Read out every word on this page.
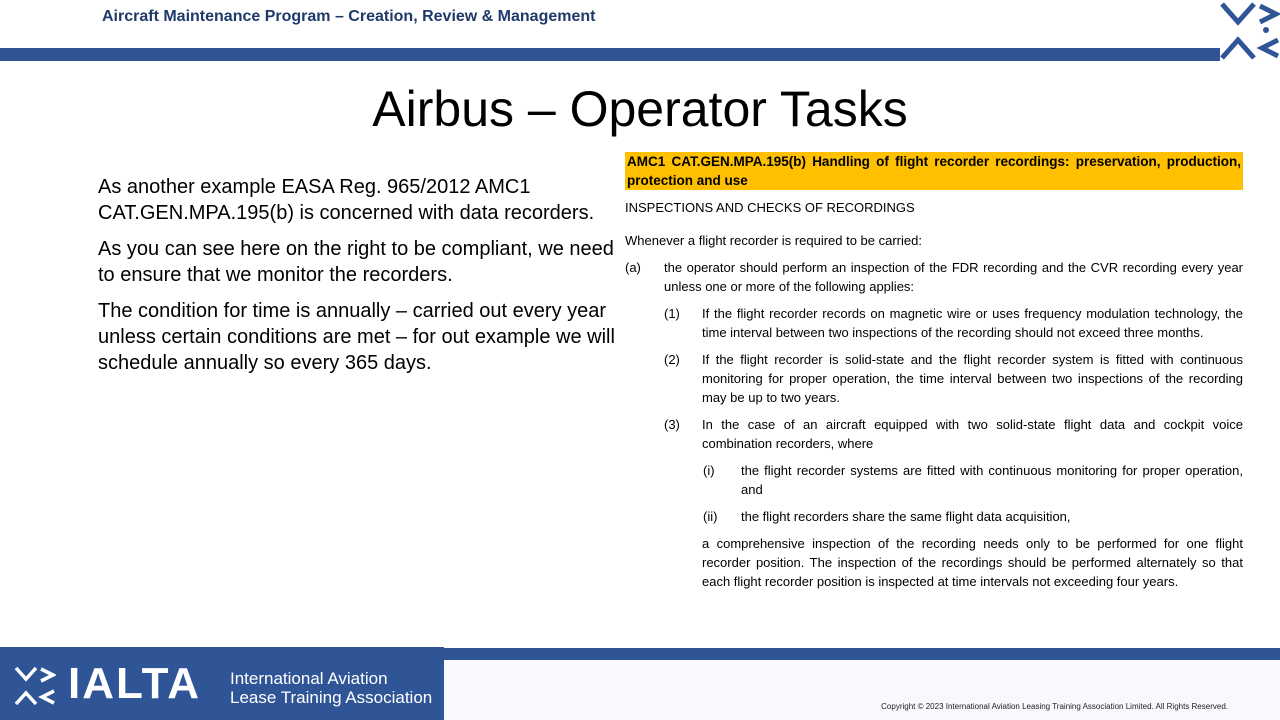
Aircraft Maintenance Program – Creation, Review & Management
Airbus – Operator Tasks

As another example EASA Reg. 965/2012 AMC1 CAT.GEN.MPA.195(b) is concerned with data recorders.

As you can see here on the right to be compliant, we need to ensure that we monitor the recorders.

The condition for time is annually – carried out every year unless certain conditions are met – for out example we will schedule annually so every 365 days.

AMC1 CAT.GEN.MPA.195(b) Handling of flight recorder recordings: preservation, production, protection and use
INSPECTIONS AND CHECKS OF RECORDINGS
Whenever a flight recorder is required to be carried:
(a) the operator should perform an inspection of the FDR recording and the CVR recording every year unless one or more of the following applies:
(1) If the flight recorder records on magnetic wire or uses frequency modulation technology, the time interval between two inspections of the recording should not exceed three months.
(2) If the flight recorder is solid-state and the flight recorder system is fitted with continuous monitoring for proper operation, the time interval between two inspections of the recording may be up to two years.
(3) In the case of an aircraft equipped with two solid-state flight data and cockpit voice combination recorders, where
(i) the flight recorder systems are fitted with continuous monitoring for proper operation, and
(ii) the flight recorders share the same flight data acquisition,
a comprehensive inspection of the recording needs only to be performed for one flight recorder position. The inspection of the recordings should be performed alternately so that each flight recorder position is inspected at time intervals not exceeding four years.
IALTA International Aviation
Lease Training Association	Copyright © 2023 International Aviation Leasing Training Association Limited. All Rights Reserved.
